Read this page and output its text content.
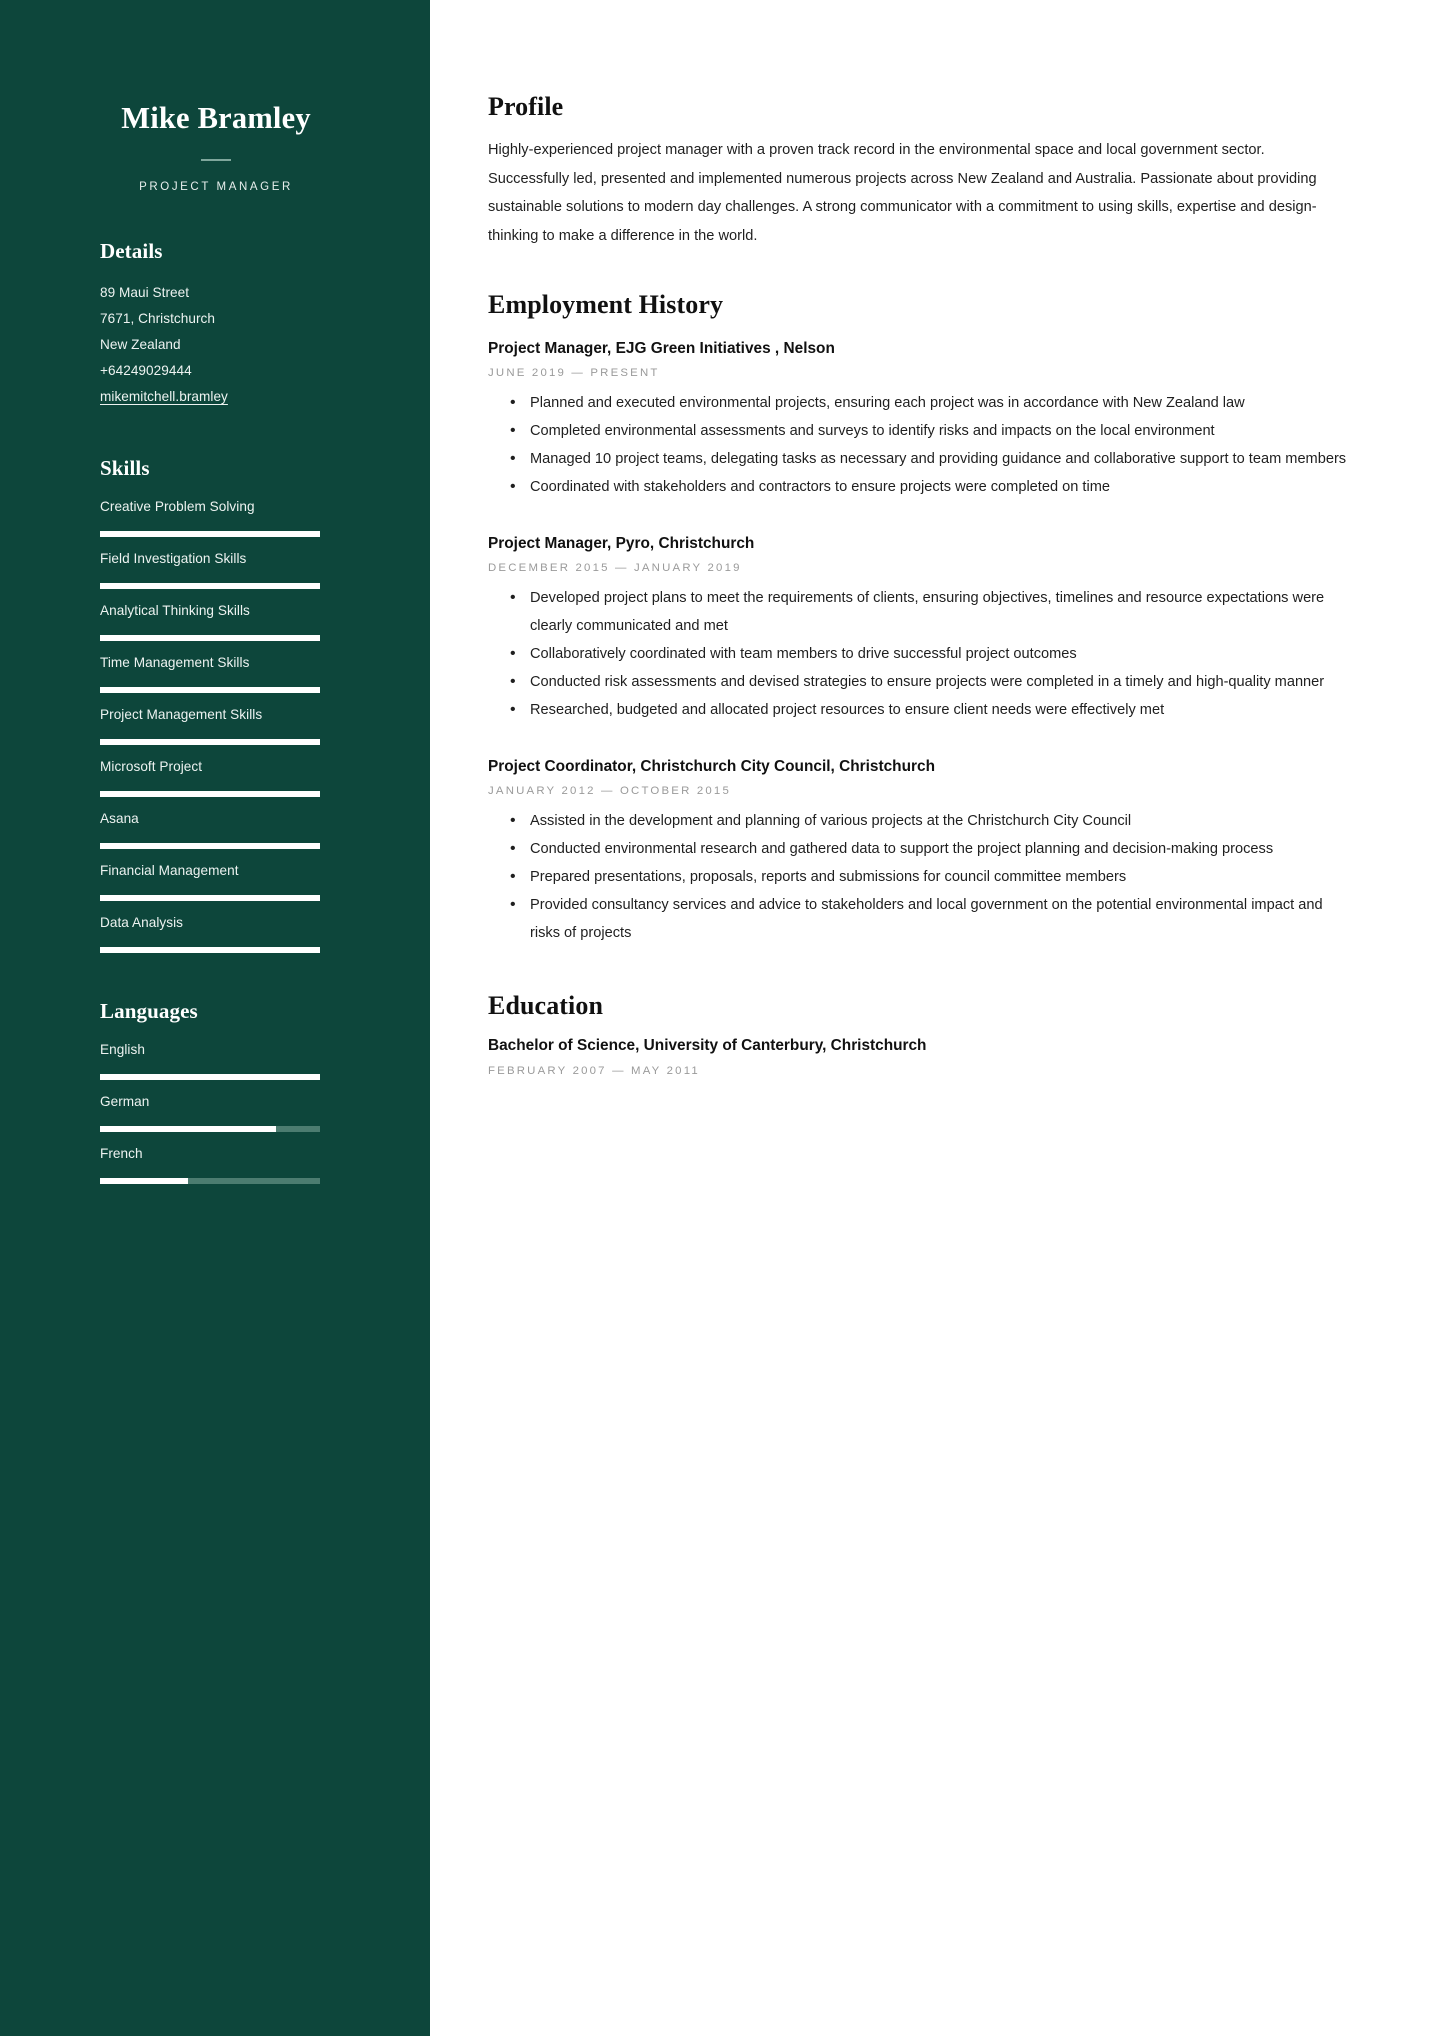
Mike Bramley
PROJECT MANAGER
Details
89 Maui Street
7671, Christchurch
New Zealand
+64249029444
mikemitchell.bramley
Skills
Creative Problem Solving
Field Investigation Skills
Analytical Thinking Skills
Time Management Skills
Project Management Skills
Microsoft Project
Asana
Financial Management
Data Analysis
Languages
English
German
French
Profile

Highly-experienced project manager with a proven track record in the environmental space and local government sector. Successfully led, presented and implemented numerous projects across New Zealand and Australia. Passionate about providing sustainable solutions to modern day challenges. A strong communicator with a commitment to using skills, expertise and design-thinking to make a difference in the world.

Employment History
Project Manager, EJG Green Initiatives , Nelson
JUNE 2019 — PRESENT
• Planned and executed environmental projects, ensuring each project was in accordance with New Zealand law
• Completed environmental assessments and surveys to identify risks and impacts on the local environment
• Managed 10 project teams, delegating tasks as necessary and providing guidance and collaborative support to team members
• Coordinated with stakeholders and contractors to ensure projects were completed on time
Project Manager, Pyro, Christchurch
DECEMBER 2015 — JANUARY 2019
• Developed project plans to meet the requirements of clients, ensuring objectives, timelines and resource expectations were clearly communicated and met
• Collaboratively coordinated with team members to drive successful project outcomes
• Conducted risk assessments and devised strategies to ensure projects were completed in a timely and high-quality manner
• Researched, budgeted and allocated project resources to ensure client needs were effectively met
Project Coordinator, Christchurch City Council, Christchurch
JANUARY 2012 — OCTOBER 2015
• Assisted in the development and planning of various projects at the Christchurch City Council
• Conducted environmental research and gathered data to support the project planning and decision-making process
• Prepared presentations, proposals, reports and submissions for council committee members
• Provided consultancy services and advice to stakeholders and local government on the potential environmental impact and risks of projects
Education
Bachelor of Science, University of Canterbury, Christchurch
FEBRUARY 2007 — MAY 2011
